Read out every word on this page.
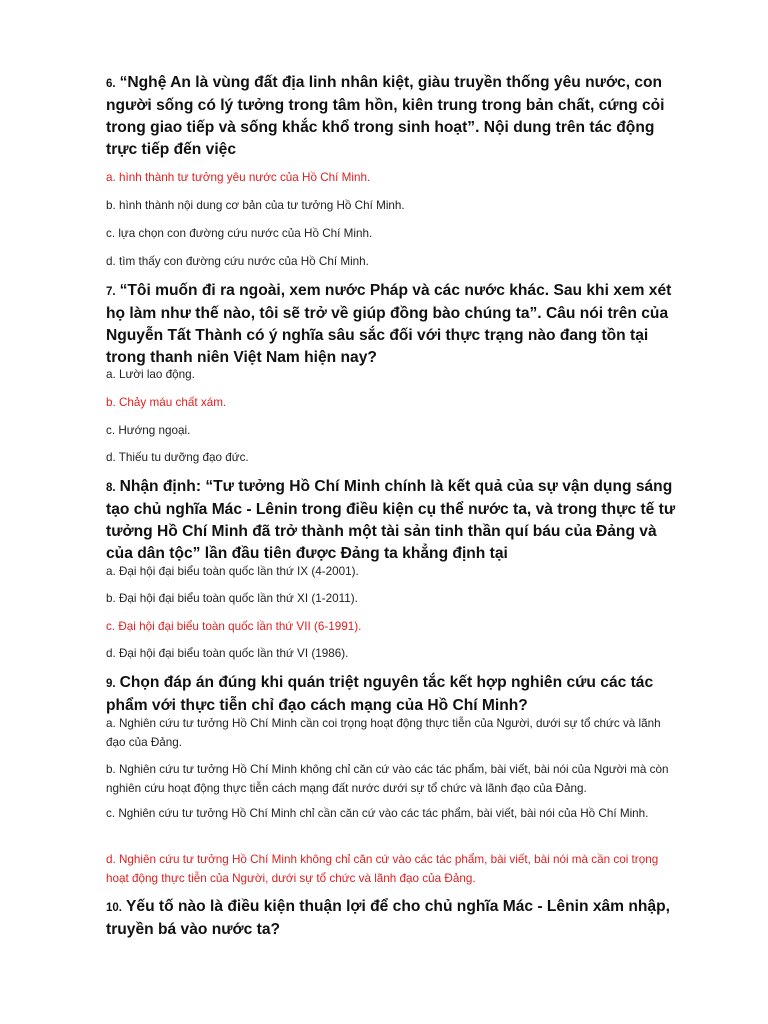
6. “Nghệ An là vùng đất địa linh nhân kiệt, giàu truyền thống yêu nước, con người sống có lý tưởng trong tâm hồn, kiên trung trong bản chất, cứng cỏi trong giao tiếp và sống khắc khổ trong sinh hoạt”. Nội dung trên tác động trực tiếp đến việc
a. hình thành tư tưởng yêu nước của Hồ Chí Minh.
b. hình thành nội dung cơ bản của tư tưởng Hồ Chí Minh.
c. lựa chọn con đường cứu nước của Hồ Chí Minh.
d. tìm thấy con đường cứu nước của Hồ Chí Minh.
7. “Tôi muốn đi ra ngoài, xem nước Pháp và các nước khác. Sau khi xem xét họ làm như thế nào, tôi sẽ trở về giúp đồng bào chúng ta”. Câu nói trên của Nguyễn Tất Thành có ý nghĩa sâu sắc đối với thực trạng nào đang tồn tại trong thanh niên Việt Nam hiện nay?
a. Lười lao động.
b. Chảy máu chất xám.
c. Hướng ngoại.
d. Thiếu tu dưỡng đạo đức.
8. Nhận định: “Tư tưởng Hồ Chí Minh chính là kết quả của sự vận dụng sáng tạo chủ nghĩa Mác - Lênin trong điều kiện cụ thể nước ta, và trong thực tế tư tưởng Hồ Chí Minh đã trở thành một tài sản tinh thần quí báu của Đảng và của dân tộc” lần đầu tiên được Đảng ta khẳng định tại
a. Đại hội đại biểu toàn quốc lần thứ IX (4-2001).
b. Đại hội đại biểu toàn quốc lần thứ XI (1-2011).
c. Đại hội đại biểu toàn quốc lần thứ VII (6-1991).
d. Đại hội đại biểu toàn quốc lần thứ VI (1986).
9. Chọn đáp án đúng khi quán triệt nguyên tắc kết hợp nghiên cứu các tác phẩm với thực tiễn chỉ đạo cách mạng của Hồ Chí Minh?
a. Nghiên cứu tư tưởng Hồ Chí Minh cần coi trọng hoạt động thực tiễn của Người, dưới sự tổ chức và lãnh đạo của Đảng.
b. Nghiên cứu tư tưởng Hồ Chí Minh không chỉ căn cứ vào các tác phẩm, bài viết, bài nói của Người mà còn nghiên cứu hoạt động thực tiễn cách mạng đất nước dưới sự tổ chức và lãnh đạo của Đảng.
c. Nghiên cứu tư tưởng Hồ Chí Minh chỉ cần căn cứ vào các tác phẩm, bài viết, bài nói của Hồ Chí Minh.
d. Nghiên cứu tư tưởng Hồ Chí Minh không chỉ căn cứ vào các tác phẩm, bài viết, bài nói mà cần coi trọng hoạt động thực tiễn của Người, dưới sự tổ chức và lãnh đạo của Đảng.
10. Yếu tố nào là điều kiện thuận lợi để cho chủ nghĩa Mác - Lênin xâm nhập, truyền bá vào nước ta?
